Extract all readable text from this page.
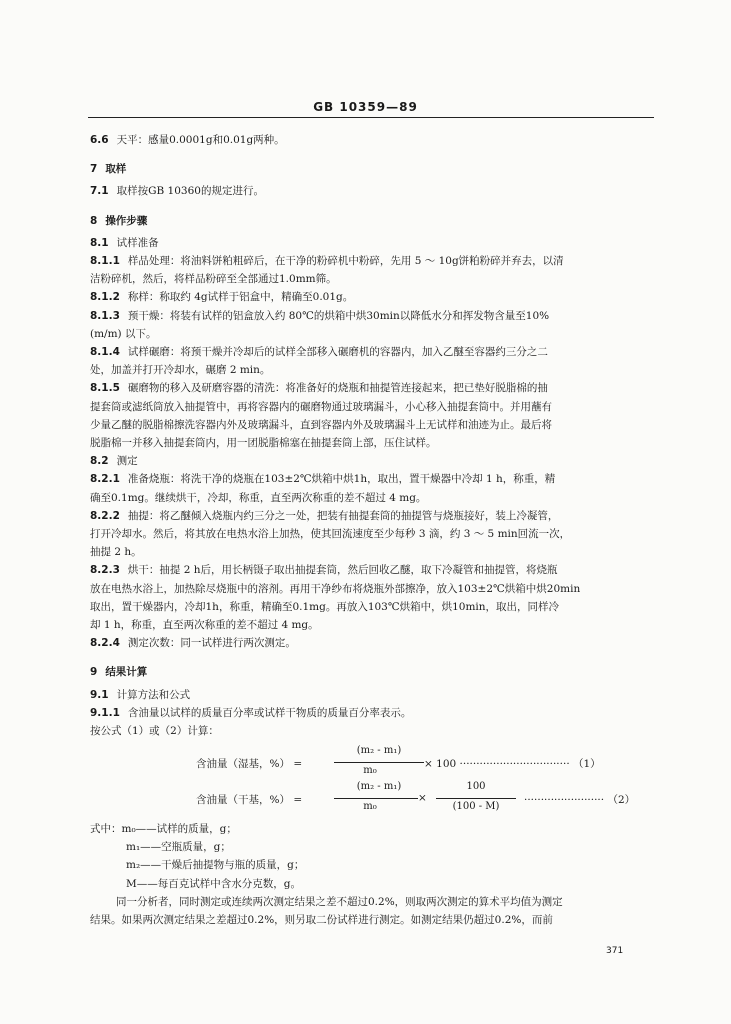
GB 10359—89
6.6 天平：感量0.0001g和0.01g两种。
7 取样
7.1 取样按GB 10360的规定进行。
8 操作步骤
8.1 试样准备
8.1.1 样品处理：将油料饼粕粗碎后，在干净的粉碎机中粉碎，先用 5 ～ 10g饼粕粉碎并弃去，以清
洁粉碎机，然后，将样品粉碎至全部通过1.0mm筛。
8.1.2 称样：称取约 4g试样于铝盒中，精确至0.01g。
8.1.3 预干燥：将装有试样的铝盒放入约 80℃的烘箱中烘30min以降低水分和挥发物含量至10%
(m/m) 以下。
8.1.4 试样碾磨：将预干燥并冷却后的试样全部移入碾磨机的容器内，加入乙醚至容器约三分之二
处，加盖并打开冷却水，碾磨 2 min。
8.1.5 碾磨物的移入及研磨容器的清洗：将准备好的烧瓶和抽提管连接起来，把已垫好脱脂棉的抽
提套筒或滤纸筒放入抽提管中，再将容器内的碾磨物通过玻璃漏斗，小心移入抽提套筒中。并用蘸有
少量乙醚的脱脂棉擦洗容器内外及玻璃漏斗，直到容器内外及玻璃漏斗上无试样和油迹为止。最后将
脱脂棉一并移入抽提套筒内，用一团脱脂棉塞在抽提套筒上部，压住试样。
8.2 测定
8.2.1 准备烧瓶：将洗干净的烧瓶在103±2℃烘箱中烘1h，取出，置干燥器中冷却 1 h，称重，精
确至0.1mg。继续烘干，冷却，称重，直至两次称重的差不超过 4 mg。
8.2.2 抽提：将乙醚倾入烧瓶内约三分之一处，把装有抽提套筒的抽提管与烧瓶接好，装上冷凝管，
打开冷却水。然后，将其放在电热水浴上加热，使其回流速度至少每秒 3 滴，约 3 ～ 5 min回流一次，
抽提 2 h。
8.2.3 烘干：抽提 2 h后，用长柄镊子取出抽提套筒，然后回收乙醚，取下冷凝管和抽提管，将烧瓶
放在电热水浴上，加热除尽烧瓶中的溶剂。再用干净纱布将烧瓶外部擦净，放入103±2℃烘箱中烘20min
取出，置干燥器内，冷却1h，称重，精确至0.1mg。再放入103℃烘箱中，烘10min，取出，同样冷
却 1 h，称重，直至两次称重的差不超过 4 mg。
8.2.4 测定次数：同一试样进行两次测定。
9 结果计算
9.1 计算方法和公式
9.1.1 含油量以试样的质量百分率或试样干物质的质量百分率表示。
按公式（1）或（2）计算：
含油量（湿基，%） =
(m₂ - m₁)
m₀
× 100 ································· （1）
含油量（干基，%） =
(m₂ - m₁)
m₀
×
100
(100 - M)
························ （2）
式中：m₀——试样的质量，g；
m₁——空瓶质量，g；
m₂——干燥后抽提物与瓶的质量，g；
M——每百克试样中含水分克数，g。
同一分析者，同时测定或连续两次测定结果之差不超过0.2%，则取两次测定的算术平均值为测定
结果。如果两次测定结果之差超过0.2%，则另取二份试样进行测定。如测定结果仍超过0.2%，而前
371
